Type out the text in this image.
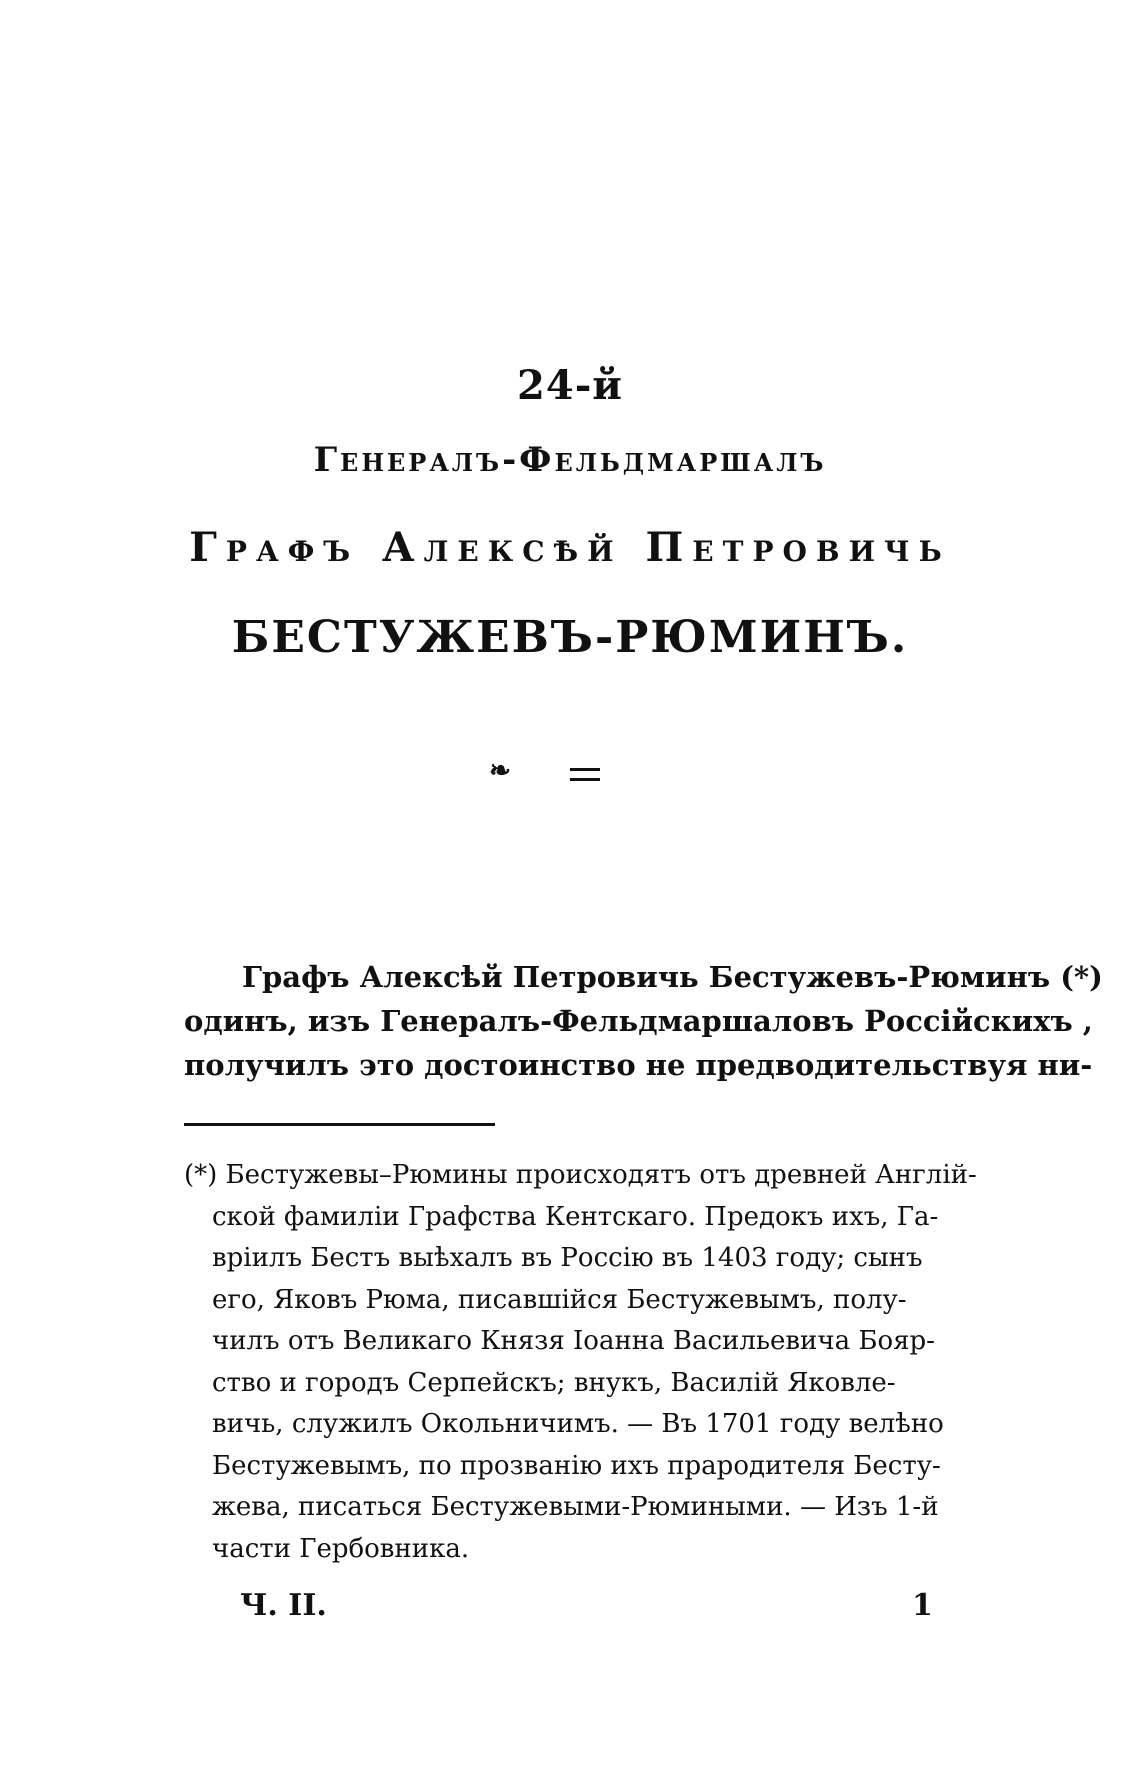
24-й
Генералъ-Фельдмаршалъ
Графъ Алексѣй Петровичь
БЕСТУЖЕВЪ-РЮМИНЪ.
❧
Графъ Алексѣй Петровичь Бестужевъ-Рюминъ (*)
одинъ, изъ Генералъ-Фельдмаршаловъ Россійскихъ ,
получилъ это достоинство не предводительствуя ни-
(*) Бестужевы–Рюмины происходятъ отъ древней Англій-
ской фамиліи Графства Кентскаго. Предокъ ихъ, Га-
врiилъ Бестъ выѣхалъ въ Россію въ 1403 году; сынъ
его, Яковъ Рюма, писавшійся Бестужевымъ, полу-
чилъ отъ Великаго Князя Іоанна Васильевича Бояр-
ство и городъ Серпейскъ; внукъ, Василій Яковле-
вичь, служилъ Окольничимъ. — Въ 1701 году велѣно
Бестужевымъ, по прозванію ихъ прародителя Бесту-
жева, писаться Бестужевыми-Рюмиными. — Изъ 1-й
части Гербовника.
Ч. II.	1
